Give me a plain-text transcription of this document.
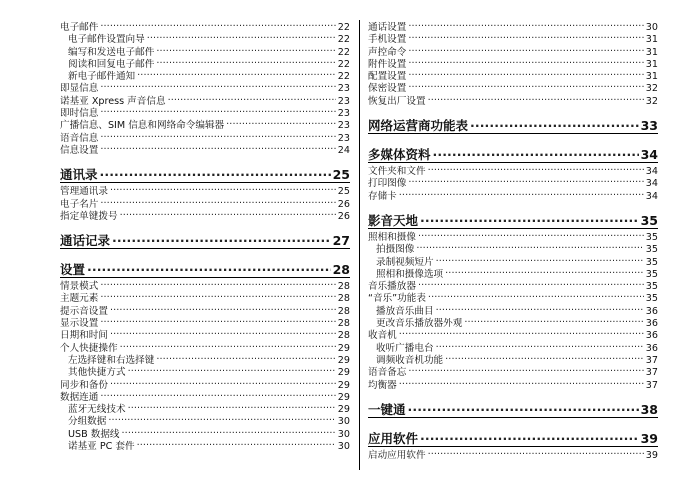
电子邮件 .....	22
电子邮件设置向导 .....	22
编写和发送电子邮件 .....	22
阅读和回复电子邮件 .....	22
新电子邮件通知 .....	22
即显信息 .....	23
诺基亚 Xpress 声音信息 .....	23
即时信息 .....	23
广播信息、SIM 信息和网络命令编辑器 .....	23
语音信息 .....	23
信息设置 .....	24
通讯录 .....	25
管理通讯录 .....	25
电子名片 .....	26
指定单键拨号 .....	26
通话记录 .....	27
设置 .....	28
情景模式 .....	28
主题元素 .....	28
提示音设置 .....	28
显示设置 .....	28
日期和时间 .....	28
个人快捷操作 .....	29
左选择键和右选择键 .....	29
其他快捷方式 .....	29
同步和备份 .....	29
数据连通 .....	29
蓝牙无线技术 .....	29
分组数据 .....	30
USB 数据线 .....	30
诺基亚 PC 套件 .....	30
通话设置 .....	30
手机设置 .....	31
声控命令 .....	31
附件设置 .....	31
配置设置 .....	31
保密设置 .....	32
恢复出厂设置 .....	32
网络运营商功能表 .....	33
多媒体资料 .....	34
文件夹和文件 .....	34
打印图像 .....	34
存储卡 .....	34
影音天地 .....	35
照相和摄像 .....	35
拍摄图像 .....	35
录制视频短片 .....	35
照相和摄像选项 .....	35
音乐播放器 .....	35
“音乐”功能表 .....	35
播放音乐曲目 .....	36
更改音乐播放器外观 .....	36
收音机 .....	36
收听广播电台 .....	36
调频收音机功能 .....	37
语音备忘 .....	37
均衡器 .....	37
一键通 .....	38
应用软件 .....	39
启动应用软件 .....	39
